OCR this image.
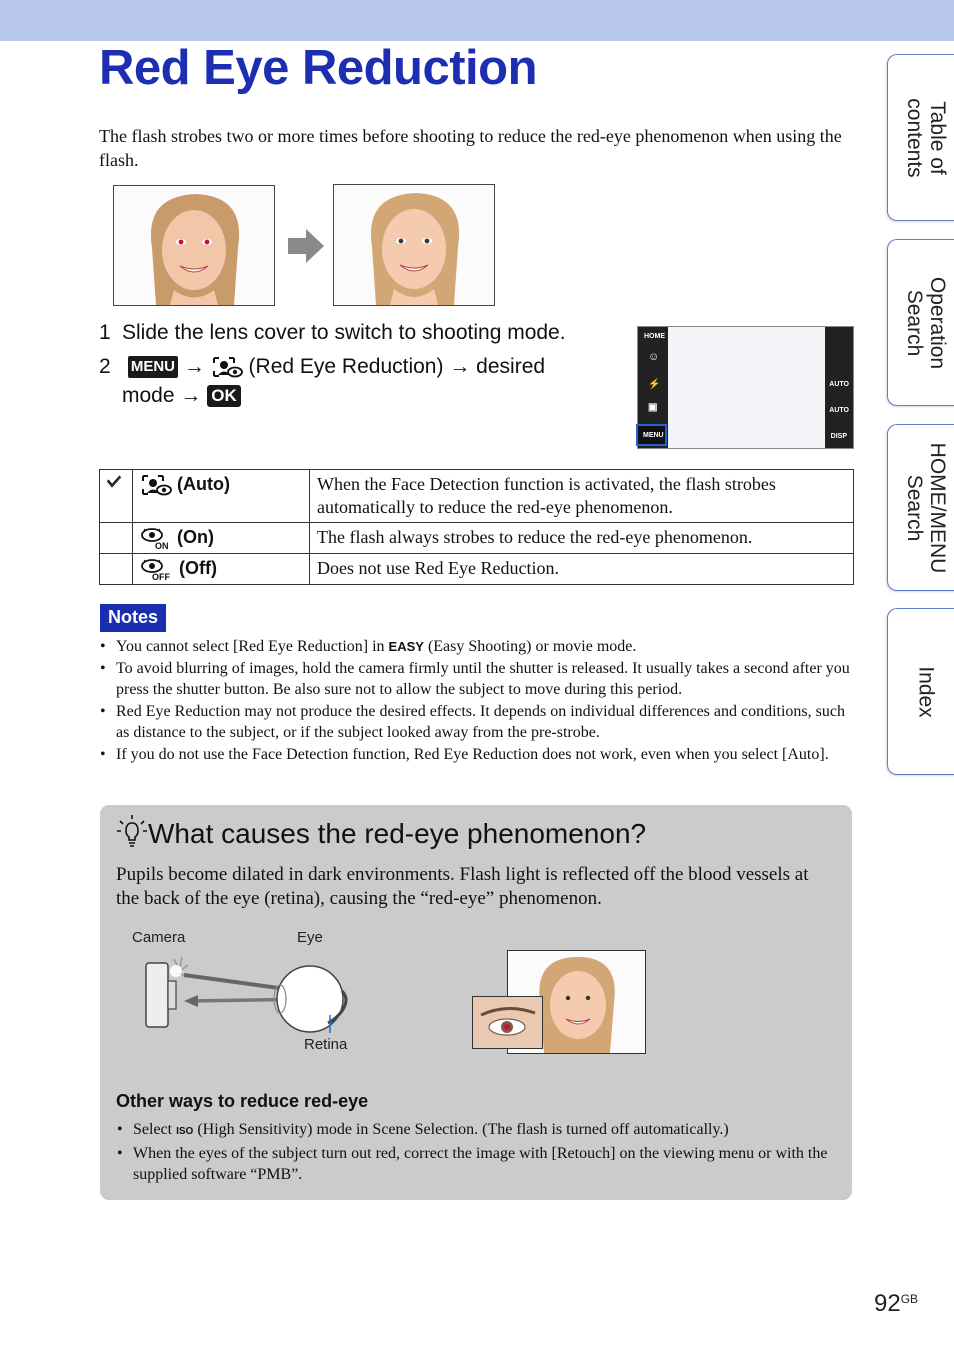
Red Eye Reduction
The flash strobes two or more times before shooting to reduce the red-eye phenomenon when using the flash.
1 Slide the lens cover to switch to shooting mode.
2 MENU → (Red Eye Reduction) → desired
mode → OK
HOME
☺
⚡
▣
MENU
AUTO
AUTO
DISP
	(Auto)	When the Face Detection function is activated, the flash strobes automatically to reduce the red-eye phenomenon.

ON (On)	The flash always strobes to reduce the red-eye phenomenon.

OFF (Off)	Does not use Red Eye Reduction.
Notes
• You cannot select [Red Eye Reduction] in EASY (Easy Shooting) or movie mode.
• To avoid blurring of images, hold the camera firmly until the shutter is released. It usually takes a second after you press the shutter button. Be also sure not to allow the subject to move during this period.
• Red Eye Reduction may not produce the desired effects. It depends on individual differences and conditions, such as distance to the subject, or if the subject looked away from the pre-strobe.
• If you do not use the Face Detection function, Red Eye Reduction does not work, even when you select [Auto].
What causes the red-eye phenomenon?
Pupils become dilated in dark environments. Flash light is reflected off the blood vessels at the back of the eye (retina), causing the “red-eye” phenomenon.
Camera	Eye
Retina
Other ways to reduce red-eye
• Select ISO (High Sensitivity) mode in Scene Selection. (The flash is turned off automatically.)
• When the eyes of the subject turn out red, correct the image with [Retouch] on the viewing menu or with the supplied software “PMB”.
Table of contents
Operation Search
HOME/MENU Search
Index
$92^{GB}$
